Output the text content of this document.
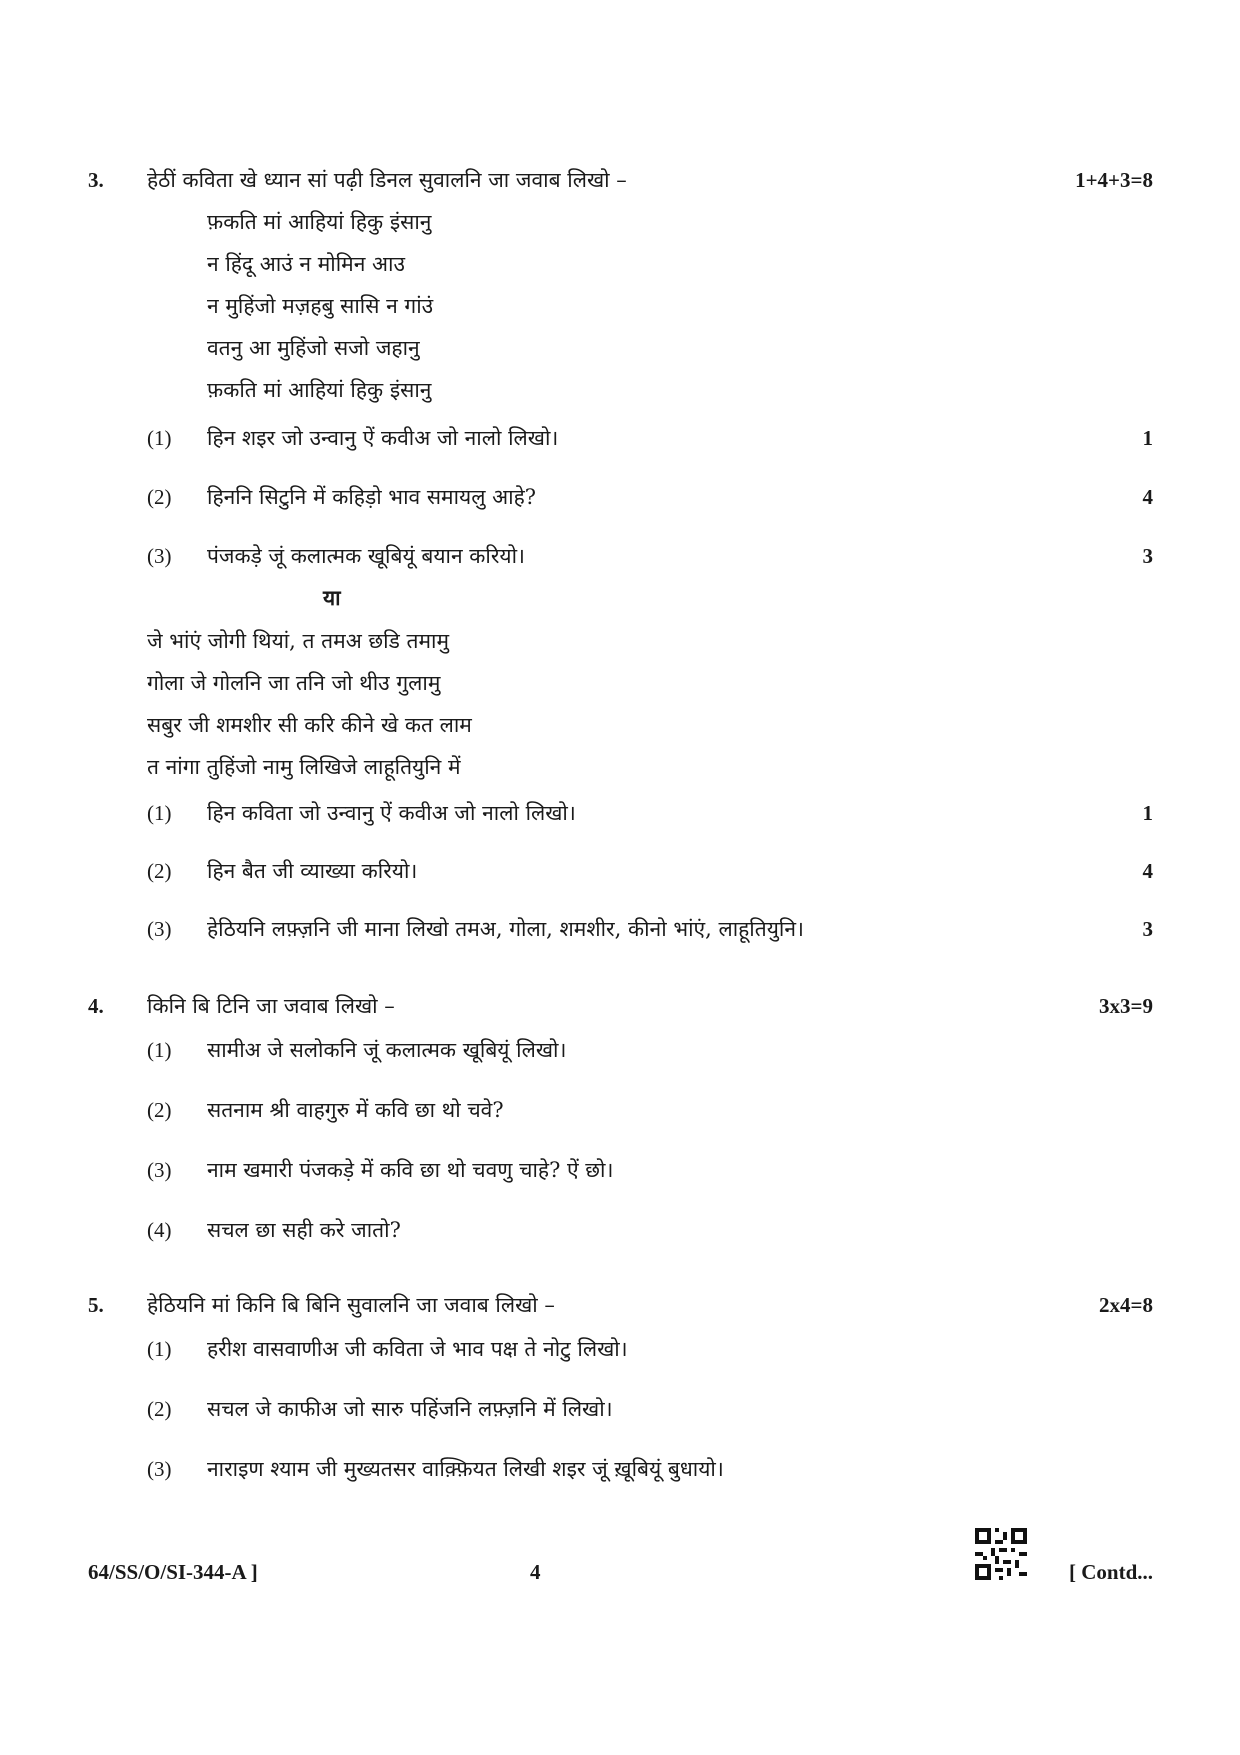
3. हेठीं कविता खे ध्यान सां पढ़ी डिनल सुवालनि जा जवाब लिखो –	1+4+3=8
फ़कति मां आहियां हिकु इंसानु
न हिंदू आउं न मोमिन आउ
न मुहिंजो मज़हबु सासि न गांउं
वतनु आ मुहिंजो सजो जहानु
फ़कति मां आहियां हिकु इंसानु
(1) हिन शइर जो उन्वानु ऐं कवीअ जो नालो लिखो।	1
(2) हिननि सिटुनि में कहिड़ो भाव समायलु आहे?	4
(3) पंजकड़े जूं कलात्मक खूबियूं बयान करियो।	3
या
जे भांएं जोगी थियां, त तमअ छडि तमामु
गोला जे गोलनि जा तनि जो थीउ गुलामु
सबुर जी शमशीर सी करि कीने खे कत लाम
त नांगा तुहिंजो नामु लिखिजे लाहूतियुनि में
(1) हिन कविता जो उन्वानु ऐं कवीअ जो नालो लिखो।	1
(2) हिन बैत जी व्याख्या करियो।	4
(3) हेठियनि लफ़्ज़नि जी माना लिखो तमअ, गोला, शमशीर, कीनो भांएं, लाहूतियुनि।	3
4. किनि बि टिनि जा जवाब लिखो –	3x3=9
(1) सामीअ जे सलोकनि जूं कलात्मक खूबियूं लिखो।
(2) सतनाम श्री वाहगुरु में कवि छा थो चवे?
(3) नाम खमारी पंजकड़े में कवि छा थो चवणु चाहे? ऐं छो।
(4) सचल छा सही करे जातो?
5. हेठियनि मां किनि बि बिनि सुवालनि जा जवाब लिखो –	2x4=8
(1) हरीश वासवाणीअ जी कविता जे भाव पक्ष ते नोटु लिखो।
(2) सचल जे काफीअ जो सारु पहिंजनि लफ़्ज़नि में लिखो।
(3) नाराइण श्याम जी मुख्यतसर वाक़्फ़ियत लिखी शइर जूं ख़ूबियूं बुधायो।
64/SS/O/SI-344-A ]	4	[ Contd...
